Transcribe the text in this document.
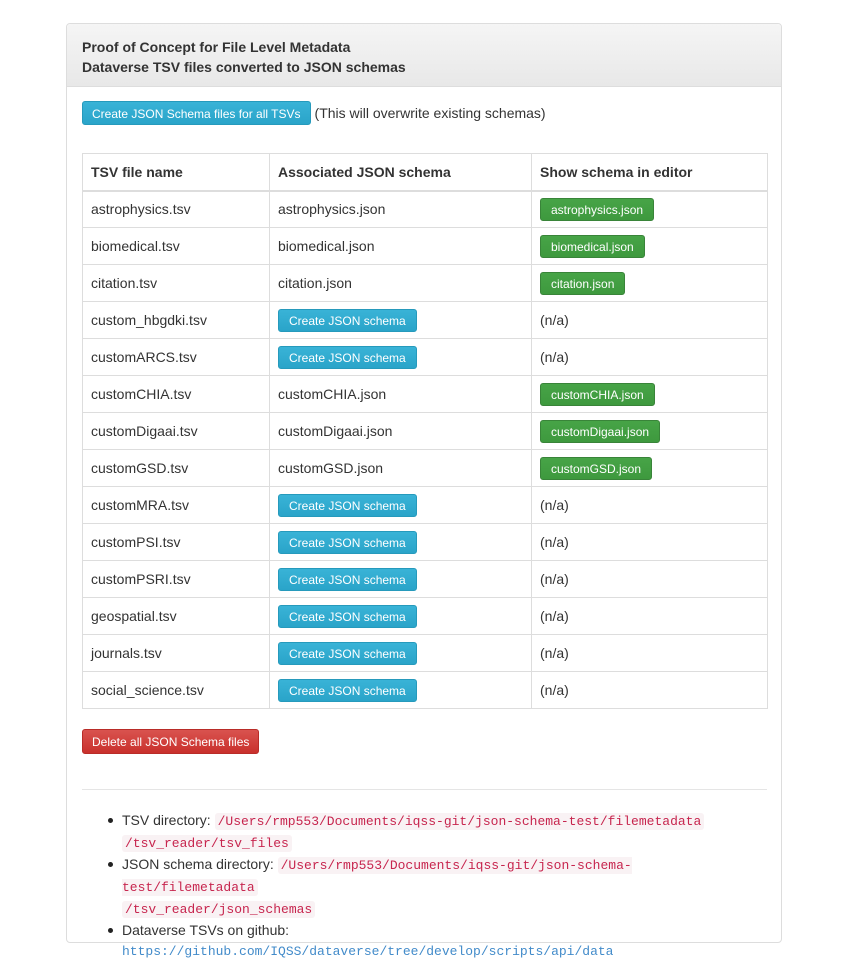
Proof of Concept for File Level Metadata
Dataverse TSV files converted to JSON schemas
Create JSON Schema files for all TSVs	(This will overwrite existing schemas)
TSV file name	Associated JSON schema	Show schema in editor
astrophysics.tsv	astrophysics.json	astrophysics.json
biomedical.tsv	biomedical.json	biomedical.json
citation.tsv	citation.json	citation.json
custom_hbgdki.tsv	Create JSON schema	(n/a)
customARCS.tsv	Create JSON schema	(n/a)
customCHIA.tsv	customCHIA.json	customCHIA.json
customDigaai.tsv	customDigaai.json	customDigaai.json
customGSD.tsv	customGSD.json	customGSD.json
customMRA.tsv	Create JSON schema	(n/a)
customPSI.tsv	Create JSON schema	(n/a)
customPSRI.tsv	Create JSON schema	(n/a)
geospatial.tsv	Create JSON schema	(n/a)
journals.tsv	Create JSON schema	(n/a)
social_science.tsv	Create JSON schema	(n/a)
Delete all JSON Schema files
TSV directory: /Users/rmp553/Documents/iqss-git/json-schema-test/filemetadata
/tsv_reader/tsv_files
JSON schema directory: /Users/rmp553/Documents/iqss-git/json-schema-test/filemetadata
/tsv_reader/json_schemas
Dataverse TSVs on github: https://github.com/IQSS/dataverse/tree/develop/scripts/api/data
